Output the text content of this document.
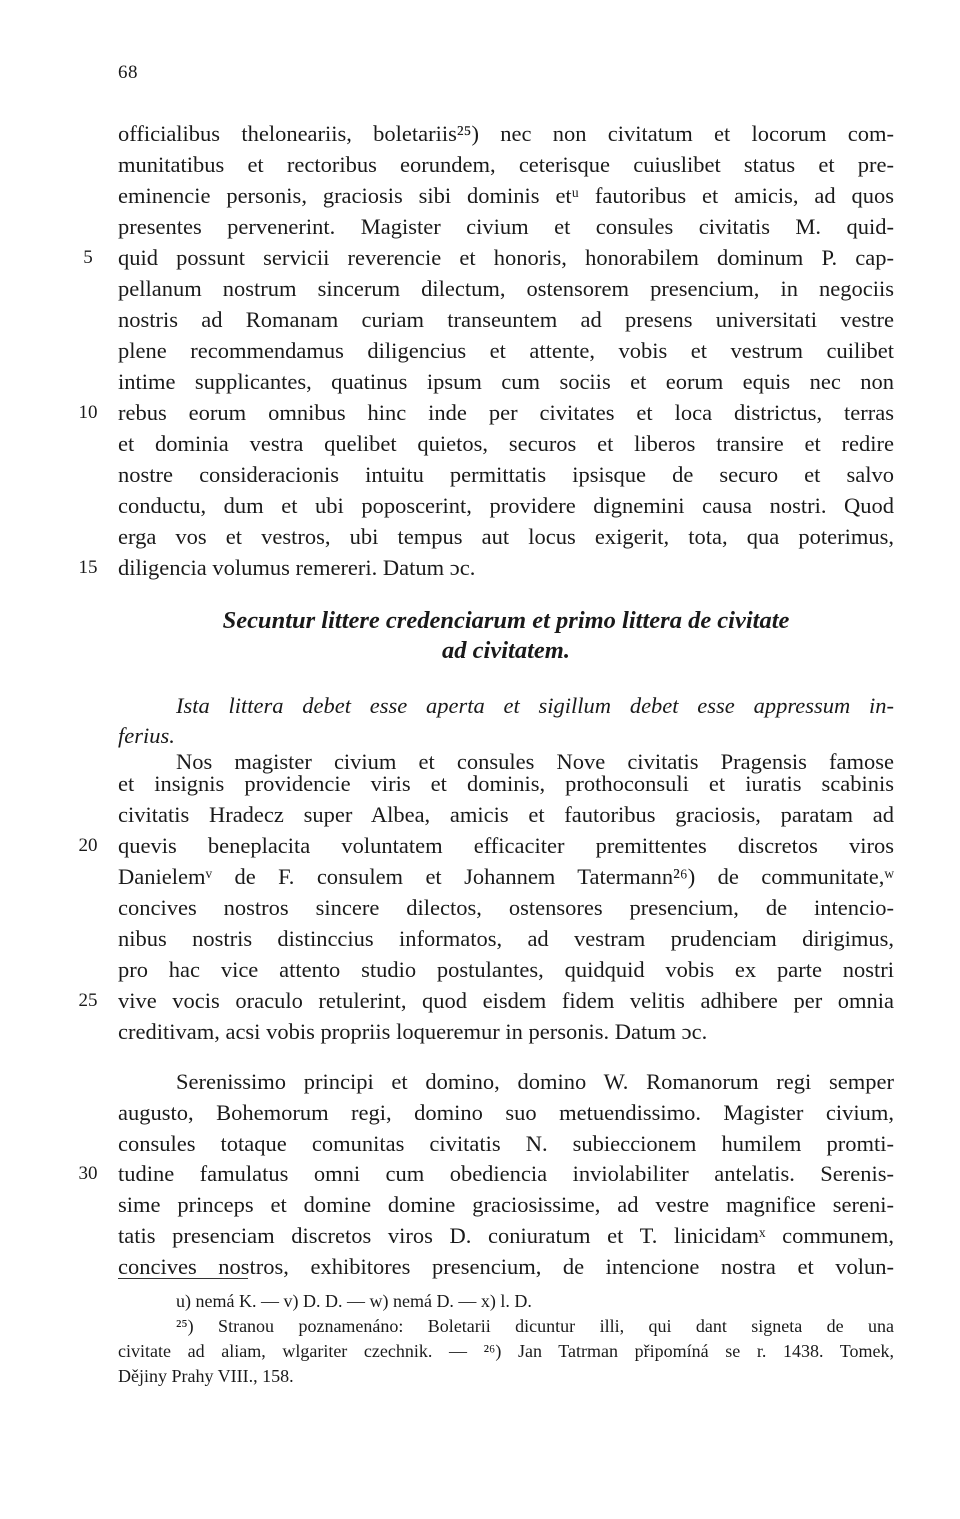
68
officialibus thelonеariis, boletariis²⁵) nec non civitatum et locorum com-
munitatibus et rectoribus eorundem, ceterisque cuiuslibet status et pre-
eminencie personis, graciosis sibi dominis etᵘ fautoribus et amicis, ad quos
presentes pervenerint. Magister civium et consules civitatis M. quid-
quid possunt servicii reverencie et honoris, honorabilem dominum P. cap-
pellanum nostrum sincerum dilectum, ostensorem presencium, in negociis
nostris ad Romanam curiam transeuntem ad presens universitati vestre
plene recommendamus diligencius et attente, vobis et vestrum cuilibet
intime supplicantes, quatinus ipsum cum sociis et eorum equis nec non
rebus eorum omnibus hinc inde per civitates et loca districtus, terras
et dominia vestra quelibet quietos, securos et liberos transire et redire
nostre consideracionis intuitu permittatis ipsisque de securo et salvo
conductu, dum et ubi poposcerint, providere dignemini causa nostri. Quod
erga vos et vestros, ubi tempus aut locus exigerit, tota, qua poterimus,
diligencia volumus remereri. Datum ɔc.
5
10
15
20
25
30
Secuntur littere credenciarum et primo littera de civitate
ad civitatem.
Ista littera debet esse aperta et sigillum debet esse appressum in-
ferius.
Nos magister civium et consules Nove civitatis Pragensis famose
et insignis providencie viris et dominis, prothoconsuli et iuratis scabinis
civitatis Hradecz super Albea, amicis et fautoribus graciosis, paratam ad
quevis beneplacita voluntatem efficaciter premittentes discretos viros
Danielemᵛ de F. consulem et Johannem Tatermann²⁶) de communitate,ʷ
concives nostros sincere dilectos, ostensores presencium, de intencio-
nibus nostris distinccius informatos, ad vestram prudenciam dirigimus,
pro hac vice attento studio postulantes, quidquid vobis ex parte nostri
vive vocis oraculo retulerint, quod eisdem fidem velitis adhibere per omnia
creditivam, acsi vobis propriis loqueremur in personis. Datum ɔc.
Serenissimo principi et domino, domino W. Romanorum regi semper
augusto, Bohemorum regi, domino suo metuendissimo. Magister civium,
consules totaque comunitas civitatis N. subieccionem humilem promti-
tudine famulatus omni cum obediencia inviolabiliter antelatis. Serenis-
sime princeps et domine domine graciosissime, ad vestre magnifice sereni-
tatis presenciam discretos viros D. coniuratum et T. linicidamˣ communem,
concives nostros, exhibitores presencium, de intencione nostra et volun-
u) nemá K. — v) D. D. — w) nemá D. — x) l. D.
²⁵) Stranou poznamenáno: Boletarii dicuntur illi, qui dant signeta de una
civitate ad aliam, wlgariter czechnik. — ²⁶) Jan Tatrman připomíná se r. 1438. Tomek,
Dějiny Prahy VIII., 158.
